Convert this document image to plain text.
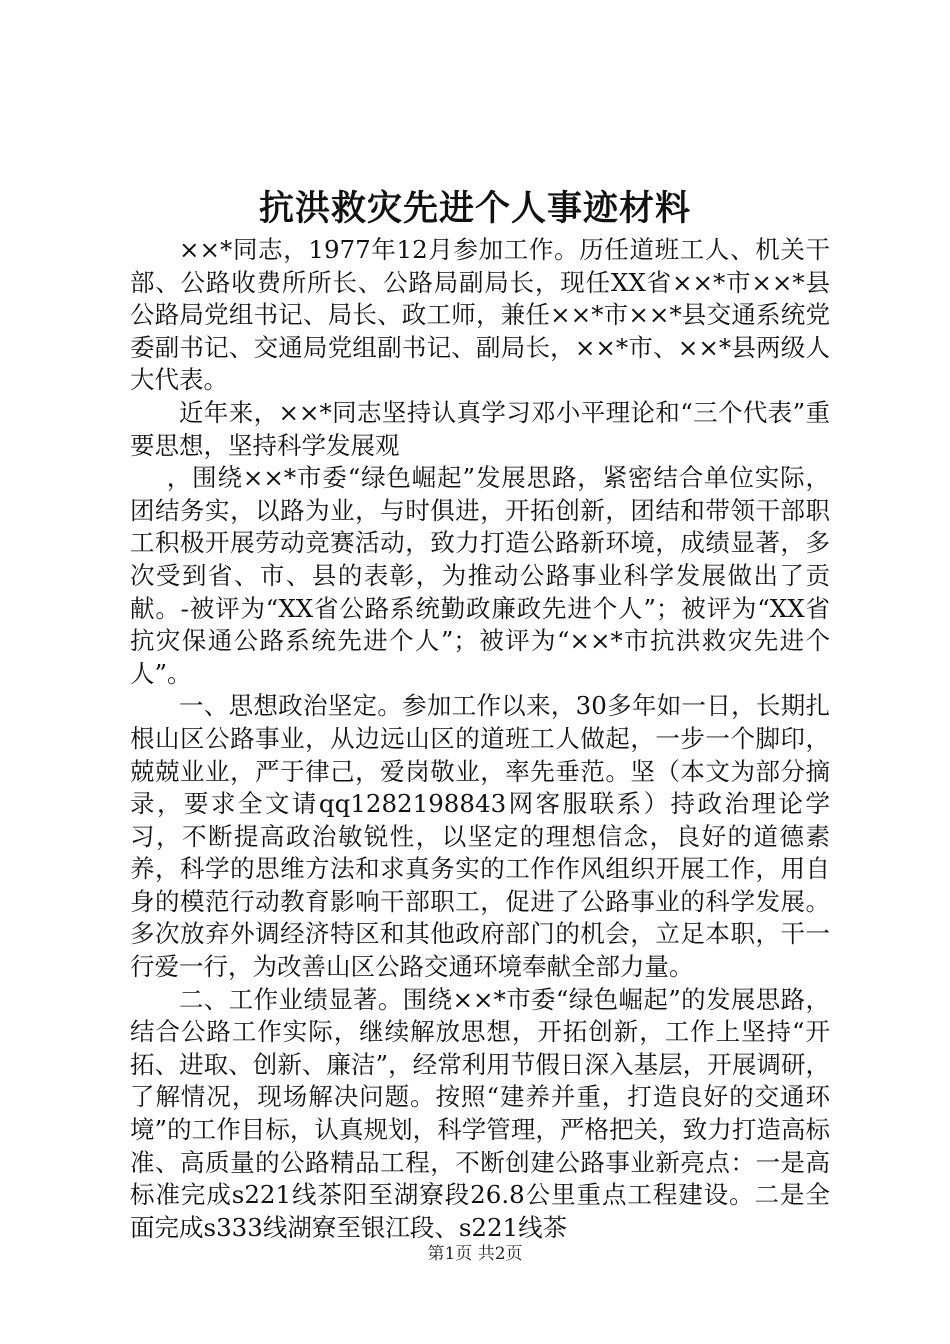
抗洪救灾先进个人事迹材料

××*同志，1977年12月参加工作。历任道班工人、机关干部、公路收费所所长、公路局副局长，现任XX省××*市××*县公路局党组书记、局长、政工师，兼任××*市××*县交通系统党委副书记、交通局党组副书记、副局长，××*市、××*县两级人大代表。

近年来，××*同志坚持认真学习邓小平理论和“三个代表”重要思想，坚持科学发展观

，围绕××*市委“绿色崛起”发展思路，紧密结合单位实际，团结务实，以路为业，与时俱进，开拓创新，团结和带领干部职工积极开展劳动竞赛活动，致力打造公路新环境，成绩显著，多次受到省、市、县的表彰，为推动公路事业科学发展做出了贡献。-被评为“XX省公路系统勤政廉政先进个人”；被评为“XX省抗灾保通公路系统先进个人”；被评为“××*市抗洪救灾先进个人”。

一、思想政治坚定。参加工作以来，30多年如一日，长期扎根山区公路事业，从边远山区的道班工人做起，一步一个脚印，兢兢业业，严于律己，爱岗敬业，率先垂范。坚（本文为部分摘录，要求全文请qq1282198843网客服联系）持政治理论学习，不断提高政治敏锐性，以坚定的理想信念，良好的道德素养，科学的思维方法和求真务实的工作作风组织开展工作，用自身的模范行动教育影响干部职工，促进了公路事业的科学发展。多次放弃外调经济特区和其他政府部门的机会，立足本职，干一行爱一行，为改善山区公路交通环境奉献全部力量。

二、工作业绩显著。围绕××*市委“绿色崛起”的发展思路，结合公路工作实际，继续解放思想，开拓创新，工作上坚持“开拓、进取、创新、廉洁”，经常利用节假日深入基层，开展调研，了解情况，现场解决问题。按照“建养并重，打造良好的交通环境”的工作目标，认真规划，科学管理，严格把关，致力打造高标准、高质量的公路精品工程，不断创建公路事业新亮点：一是高标准完成s221线茶阳至湖寮段26.8公里重点工程建设。二是全面完成s333线湖寮至银江段、s221线茶

第1页 共2页
